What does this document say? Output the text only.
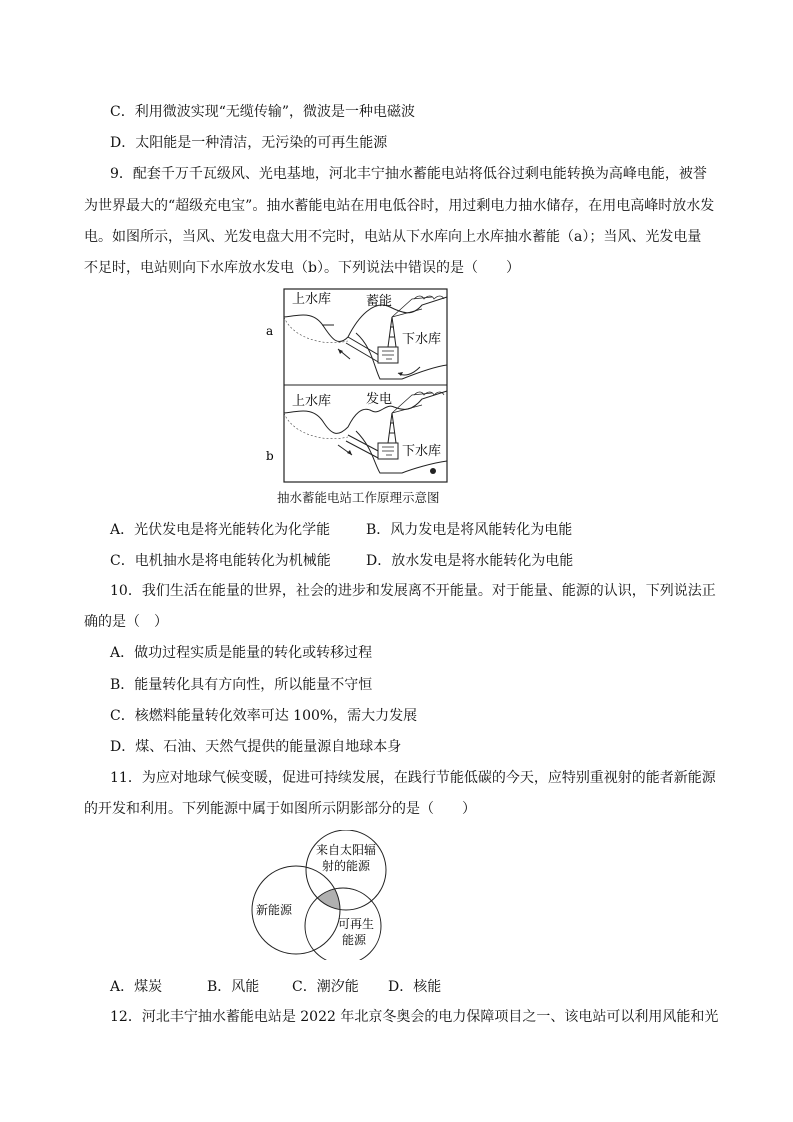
C．利用微波实现“无缆传输”，微波是一种电磁波
D．太阳能是一种清洁，无污染的可再生能源
9．配套千万千瓦级风、光电基地，河北丰宁抽水蓄能电站将低谷过剩电能转换为高峰电能，被誉
为世界最大的“超级充电宝”。抽水蓄能电站在用电低谷时，用过剩电力抽水储存，在用电高峰时放水发
电。如图所示，当风、光发电盘大用不完时，电站从下水库向上水库抽水蓄能（a）；当风、光发电量
不足时，电站则向下水库放水发电（b）。下列说法中错误的是（　　）
a
b
上水库	蓄能
下水库
上水库	发电
下水库
抽水蓄能电站工作原理示意图
A．光伏发电是将光能转化为化学能	B．风力发电是将风能转化为电能
C．电机抽水是将电能转化为机械能	D．放水发电是将水能转化为电能
10．我们生活在能量的世界，社会的进步和发展离不开能量。对于能量、能源的认识，下列说法正
确的是（　）
A．做功过程实质是能量的转化或转移过程
B．能量转化具有方向性，所以能量不守恒
C．核燃料能量转化效率可达 100%，需大力发展
D．煤、石油、天然气提供的能量源自地球本身
11．为应对地球气候变暖，促进可持续发展，在践行节能低碳的今天，应特别重视射的能者新能源
的开发和利用。下列能源中属于如图所示阴影部分的是（　　）
来自太阳辐
射的能源
新能源
可再生
能源
A．煤炭	B．风能 C．潮汐能 D．核能
12．河北丰宁抽水蓄能电站是 2022 年北京冬奥会的电力保障项目之一、该电站可以利用风能和光
